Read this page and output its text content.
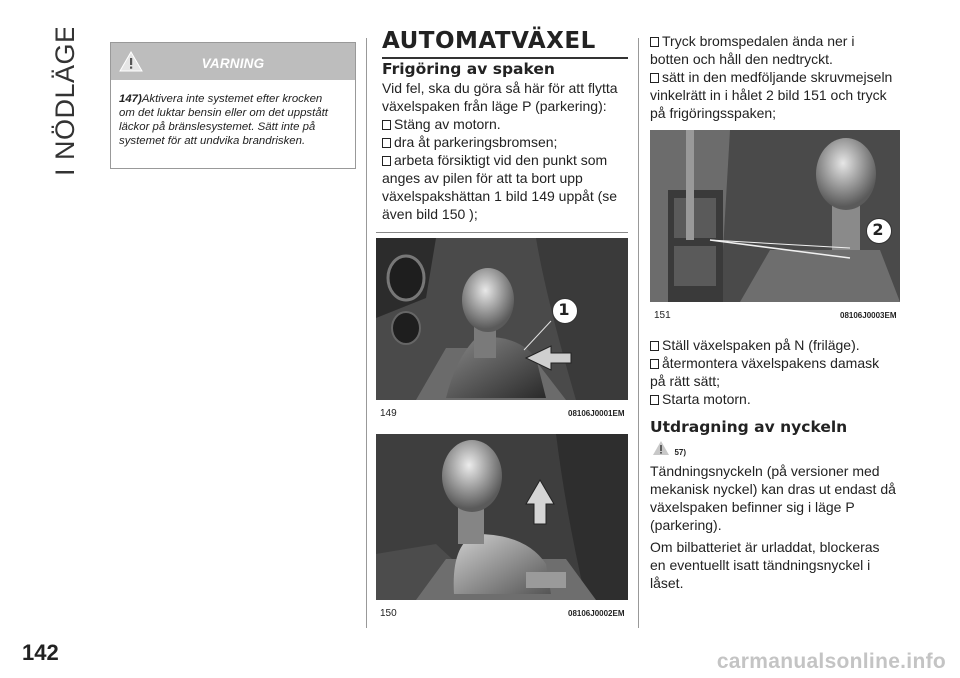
I NÖDLÄGE
142
VARNING
147)Aktivera inte systemet efter krocken
om det luktar bensin eller om det uppstått
läckor på bränslesystemet. Sätt inte på
systemet för att undvika brandrisken.
AUTOMATVÄXEL
Frigöring av spaken
Vid fel, ska du göra så här för att flytta
växelspaken från läge P (parkering):
Stäng av motorn.
dra åt parkeringsbromsen;
arbeta försiktigt vid den punkt som
anges av pilen för att ta bort upp
växelspakshättan 1 bild 149 uppåt (se
även bild 150 );
1
149	08106J0001EM
150	08106J0002EM
Tryck bromspedalen ända ner i
botten och håll den nedtryckt.
sätt in den medföljande skruvmejseln
vinkelrätt in i hålet 2 bild 151 och tryck
på frigöringsspaken;
2
151	08106J0003EM
Ställ växelspaken på N (friläge).
återmontera växelspakens damask
på rätt sätt;
Starta motorn.
Utdragning av nyckeln
57)
Tändningsnyckeln (på versioner med
mekanisk nyckel) kan dras ut endast då
växelspaken befinner sig i läge P
(parkering).
Om bilbatteriet är urladdat, blockeras
en eventuellt isatt tändningsnyckel i
låset.
carmanualsonline.info
